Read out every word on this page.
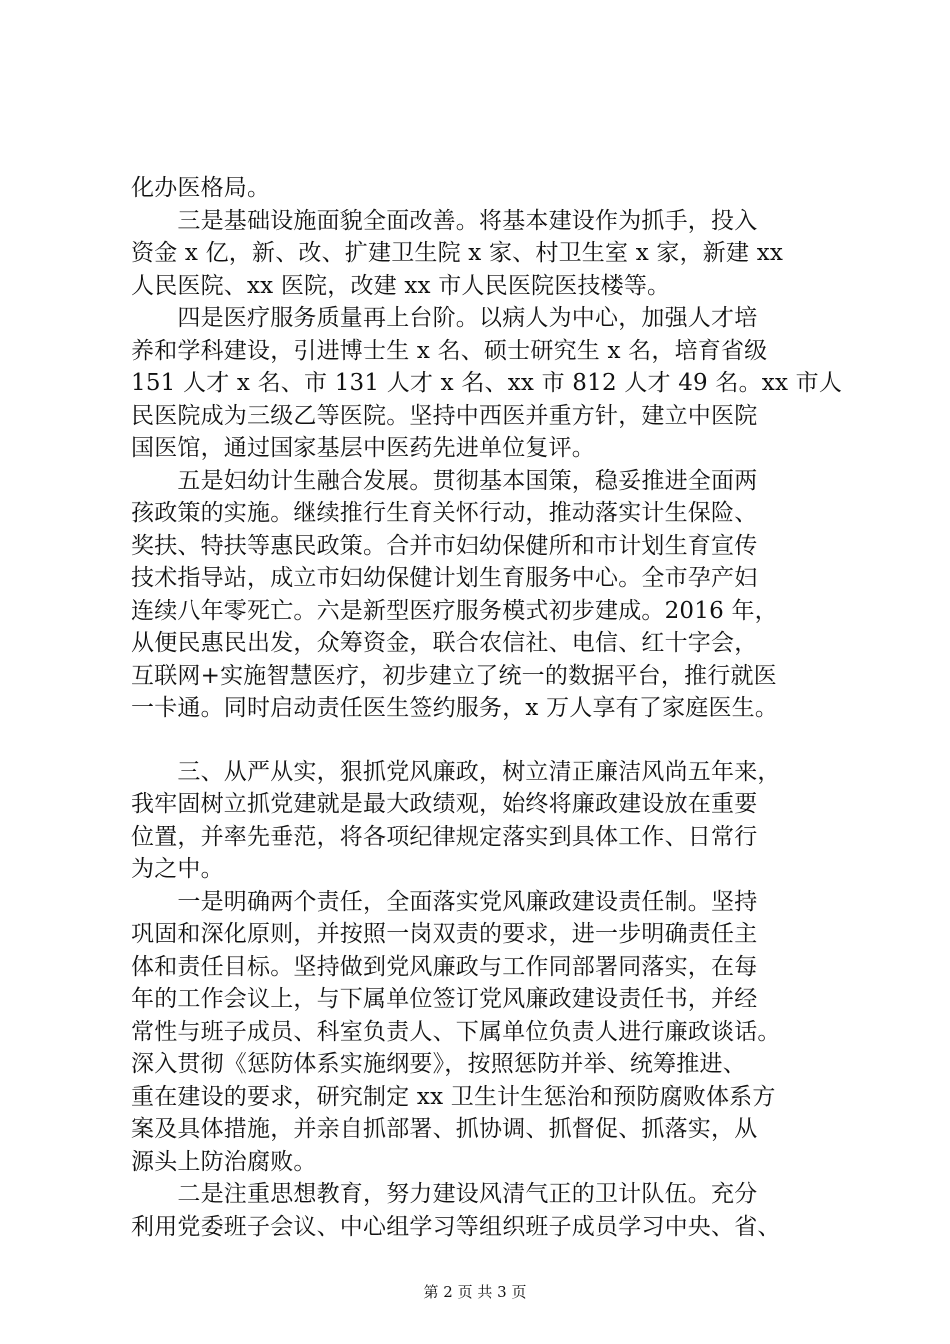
化办医格局。
　　三是基础设施面貌全面改善。将基本建设作为抓手，投入
资金 x 亿，新、改、扩建卫生院 x 家、村卫生室 x 家，新建 xx
人民医院、xx 医院，改建 xx 市人民医院医技楼等。
　　四是医疗服务质量再上台阶。以病人为中心，加强人才培
养和学科建设，引进博士生 x 名、硕士研究生 x 名，培育省级
151 人才 x 名、市 131 人才 x 名、xx 市 812 人才 49 名。xx 市人
民医院成为三级乙等医院。坚持中西医并重方针，建立中医院
国医馆，通过国家基层中医药先进单位复评。
　　五是妇幼计生融合发展。贯彻基本国策，稳妥推进全面两
孩政策的实施。继续推行生育关怀行动，推动落实计生保险、
奖扶、特扶等惠民政策。合并市妇幼保健所和市计划生育宣传
技术指导站，成立市妇幼保健计划生育服务中心。全市孕产妇
连续八年零死亡。六是新型医疗服务模式初步建成。2016 年，
从便民惠民出发，众筹资金，联合农信社、电信、红十字会，
互联网+实施智慧医疗，初步建立了统一的数据平台，推行就医
一卡通。同时启动责任医生签约服务，x 万人享有了家庭医生。
　　三、从严从实，狠抓党风廉政，树立清正廉洁风尚五年来，
我牢固树立抓党建就是最大政绩观，始终将廉政建设放在重要
位置，并率先垂范，将各项纪律规定落实到具体工作、日常行
为之中。
　　一是明确两个责任，全面落实党风廉政建设责任制。坚持
巩固和深化原则，并按照一岗双责的要求，进一步明确责任主
体和责任目标。坚持做到党风廉政与工作同部署同落实，在每
年的工作会议上，与下属单位签订党风廉政建设责任书，并经
常性与班子成员、科室负责人、下属单位负责人进行廉政谈话。
深入贯彻《惩防体系实施纲要》，按照惩防并举、统筹推进、
重在建设的要求，研究制定 xx 卫生计生惩治和预防腐败体系方
案及具体措施，并亲自抓部署、抓协调、抓督促、抓落实，从
源头上防治腐败。
　　二是注重思想教育，努力建设风清气正的卫计队伍。充分
利用党委班子会议、中心组学习等组织班子成员学习中央、省、
第 2 页 共 3 页
